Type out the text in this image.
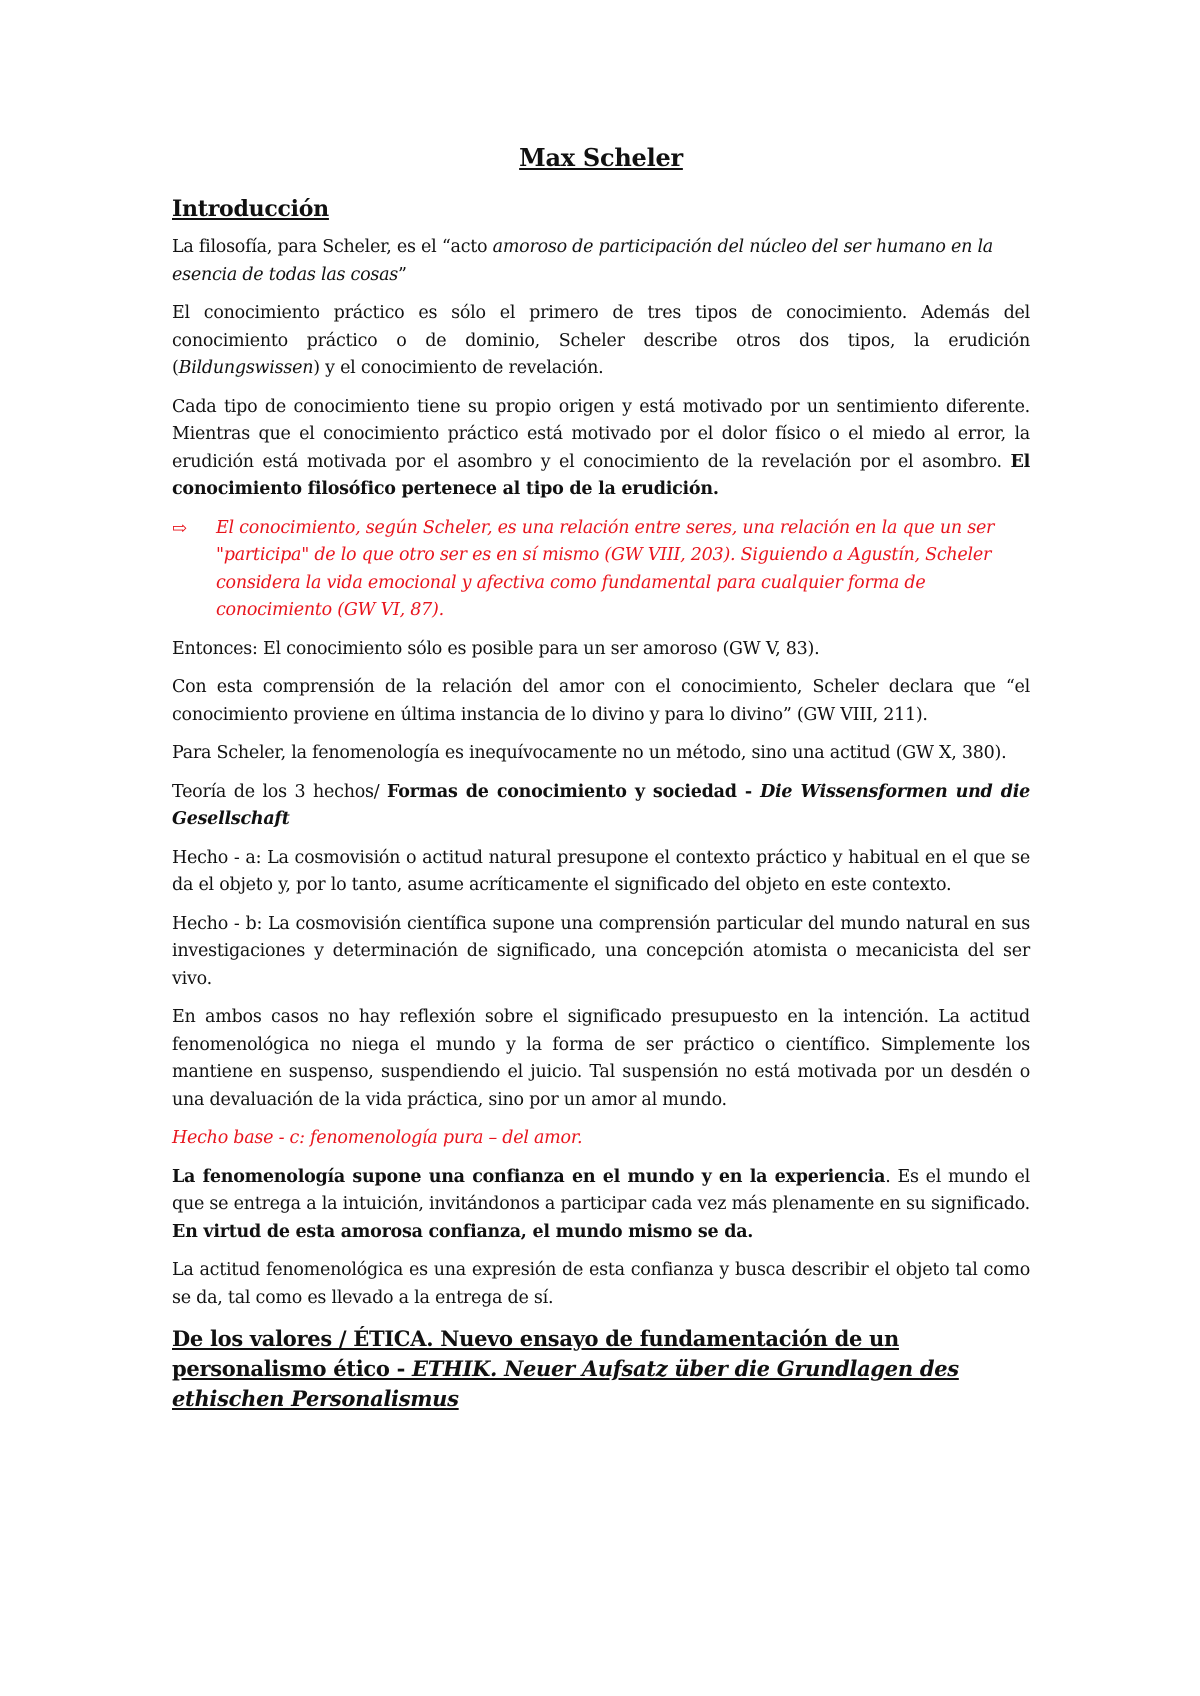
Max Scheler
Introducción

La filosofía, para Scheler, es el “acto amoroso de participación del núcleo del ser humano en la esencia de todas las cosas”

El conocimiento práctico es sólo el primero de tres tipos de conocimiento. Además del conocimiento práctico o de dominio, Scheler describe otros dos tipos, la erudición (Bildungswissen) y el conocimiento de revelación.

Cada tipo de conocimiento tiene su propio origen y está motivado por un sentimiento diferente. Mientras que el conocimiento práctico está motivado por el dolor físico o el miedo al error, la erudición está motivada por el asombro y el conocimiento de la revelación por el asombro. El conocimiento filosófico pertenece al tipo de la erudición.

⇨	El conocimiento, según Scheler, es una relación entre seres, una relación en la que un ser "participa" de lo que otro ser es en sí mismo (GW VIII, 203). Siguiendo a Agustín, Scheler considera la vida emocional y afectiva como fundamental para cualquier forma de conocimiento (GW VI, 87).

Entonces: El conocimiento sólo es posible para un ser amoroso (GW V, 83).

Con esta comprensión de la relación del amor con el conocimiento, Scheler declara que “el conocimiento proviene en última instancia de lo divino y para lo divino” (GW VIII, 211).

Para Scheler, la fenomenología es inequívocamente no un método, sino una actitud (GW X, 380).

Teoría de los 3 hechos/ Formas de conocimiento y sociedad - Die Wissensformen und die Gesellschaft

Hecho - a: La cosmovisión o actitud natural presupone el contexto práctico y habitual en el que se da el objeto y, por lo tanto, asume acríticamente el significado del objeto en este contexto.

Hecho - b: La cosmovisión científica supone una comprensión particular del mundo natural en sus investigaciones y determinación de significado, una concepción atomista o mecanicista del ser vivo.

En ambos casos no hay reflexión sobre el significado presupuesto en la intención. La actitud fenomenológica no niega el mundo y la forma de ser práctico o científico. Simplemente los mantiene en suspenso, suspendiendo el juicio. Tal suspensión no está motivada por un desdén o una devaluación de la vida práctica, sino por un amor al mundo.

Hecho base - c: fenomenología pura – del amor.

La fenomenología supone una confianza en el mundo y en la experiencia. Es el mundo el que se entrega a la intuición, invitándonos a participar cada vez más plenamente en su significado. En virtud de esta amorosa confianza, el mundo mismo se da.

La actitud fenomenológica es una expresión de esta confianza y busca describir el objeto tal como se da, tal como es llevado a la entrega de sí.

De los valores / ÉTICA. Nuevo ensayo de fundamentación de un personalismo ético - ETHIK. Neuer Aufsatz über die Grundlagen des ethischen Personalismus
